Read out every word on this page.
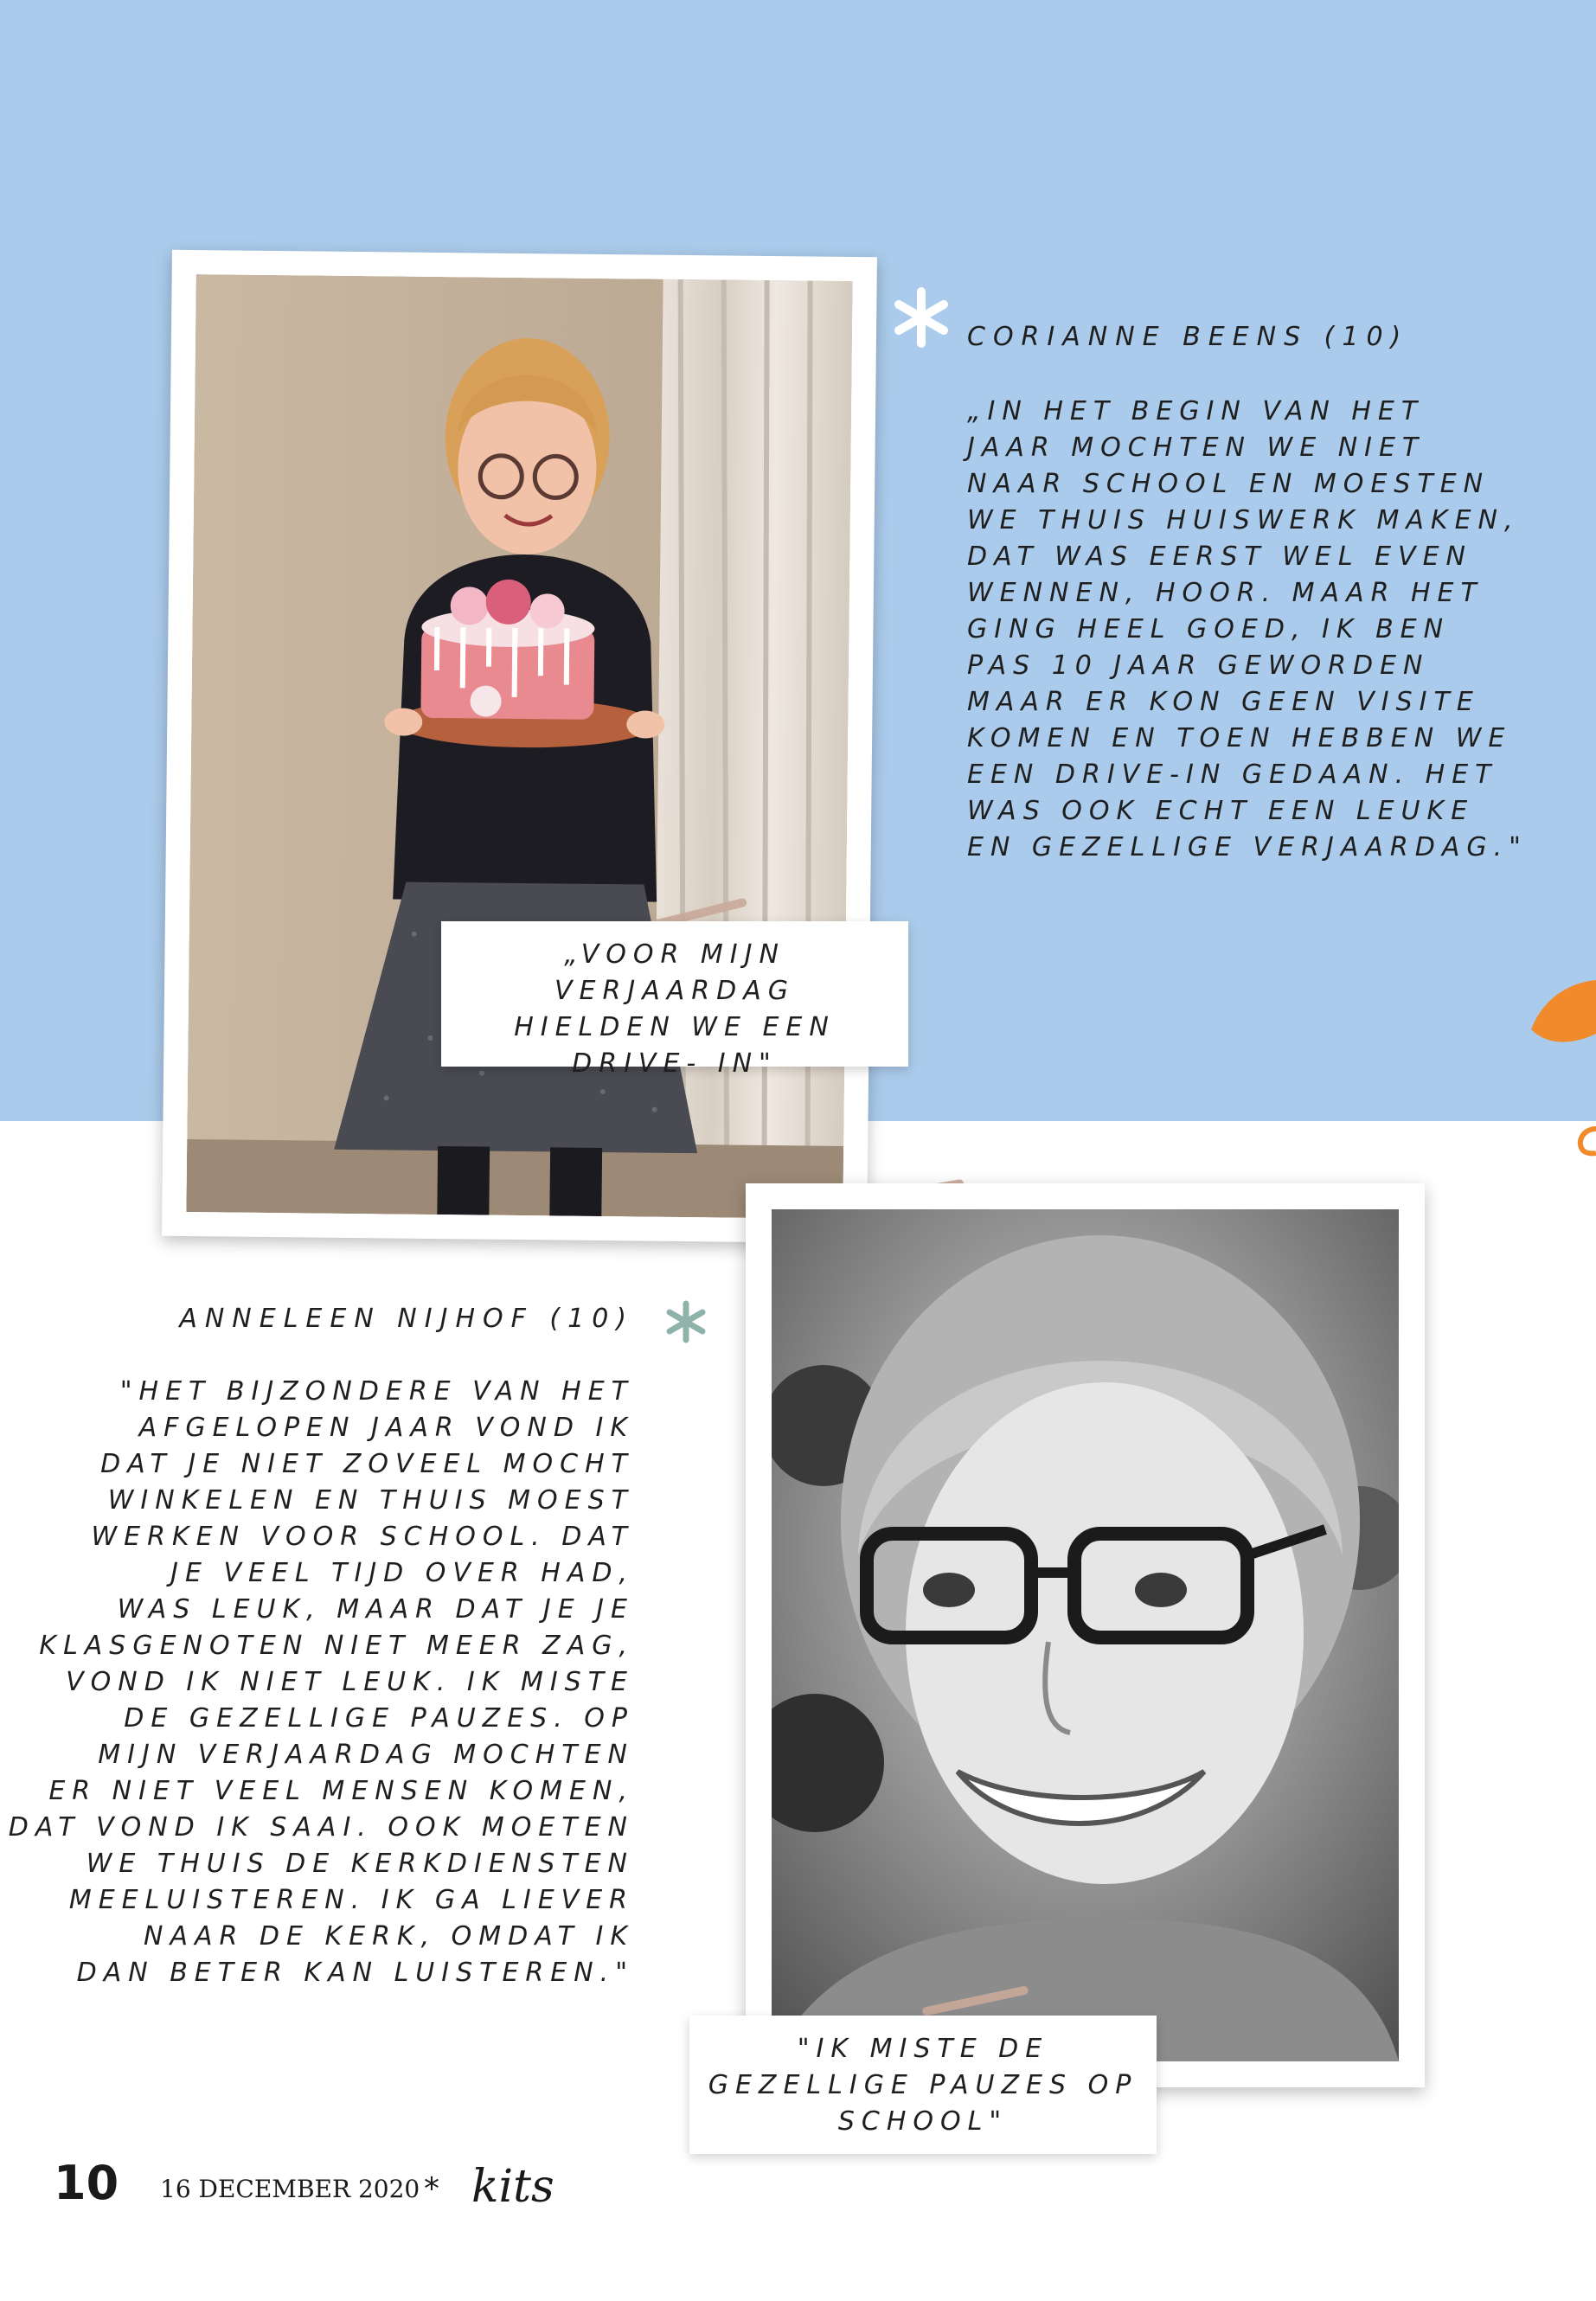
„VOOR MIJN VERJAARDAG
HIELDEN WE EEN
DRIVE- IN"
CORIANNE BEENS (10)
„IN HET BEGIN VAN HET
JAAR MOCHTEN WE NIET
NAAR SCHOOL EN MOESTEN
WE THUIS HUISWERK MAKEN,
DAT WAS EERST WEL EVEN
WENNEN, HOOR. MAAR HET
GING HEEL GOED, IK BEN
PAS 10 JAAR GEWORDEN
MAAR ER KON GEEN VISITE
KOMEN EN TOEN HEBBEN WE
EEN DRIVE-IN GEDAAN. HET
WAS OOK ECHT EEN LEUKE
EN GEZELLIGE VERJAARDAG."
"IK MISTE DE
GEZELLIGE PAUZES OP
SCHOOL"
ANNELEEN NIJHOF (10)
"HET BIJZONDERE VAN HET
AFGELOPEN JAAR VOND IK
DAT JE NIET ZOVEEL MOCHT
WINKELEN EN THUIS MOEST
WERKEN VOOR SCHOOL. DAT
JE VEEL TIJD OVER HAD,
WAS LEUK, MAAR DAT JE JE
KLASGENOTEN NIET MEER ZAG,
VOND IK NIET LEUK. IK MISTE
DE GEZELLIGE PAUZES. OP
MIJN VERJAARDAG MOCHTEN
ER NIET VEEL MENSEN KOMEN,
DAT VOND IK SAAI. OOK MOETEN
WE THUIS DE KERKDIENSTEN
MEELUISTEREN. IK GA LIEVER
NAAR DE KERK, OMDAT IK
DAN BETER KAN LUISTEREN."
10 16 DECEMBER 2020 * kits
